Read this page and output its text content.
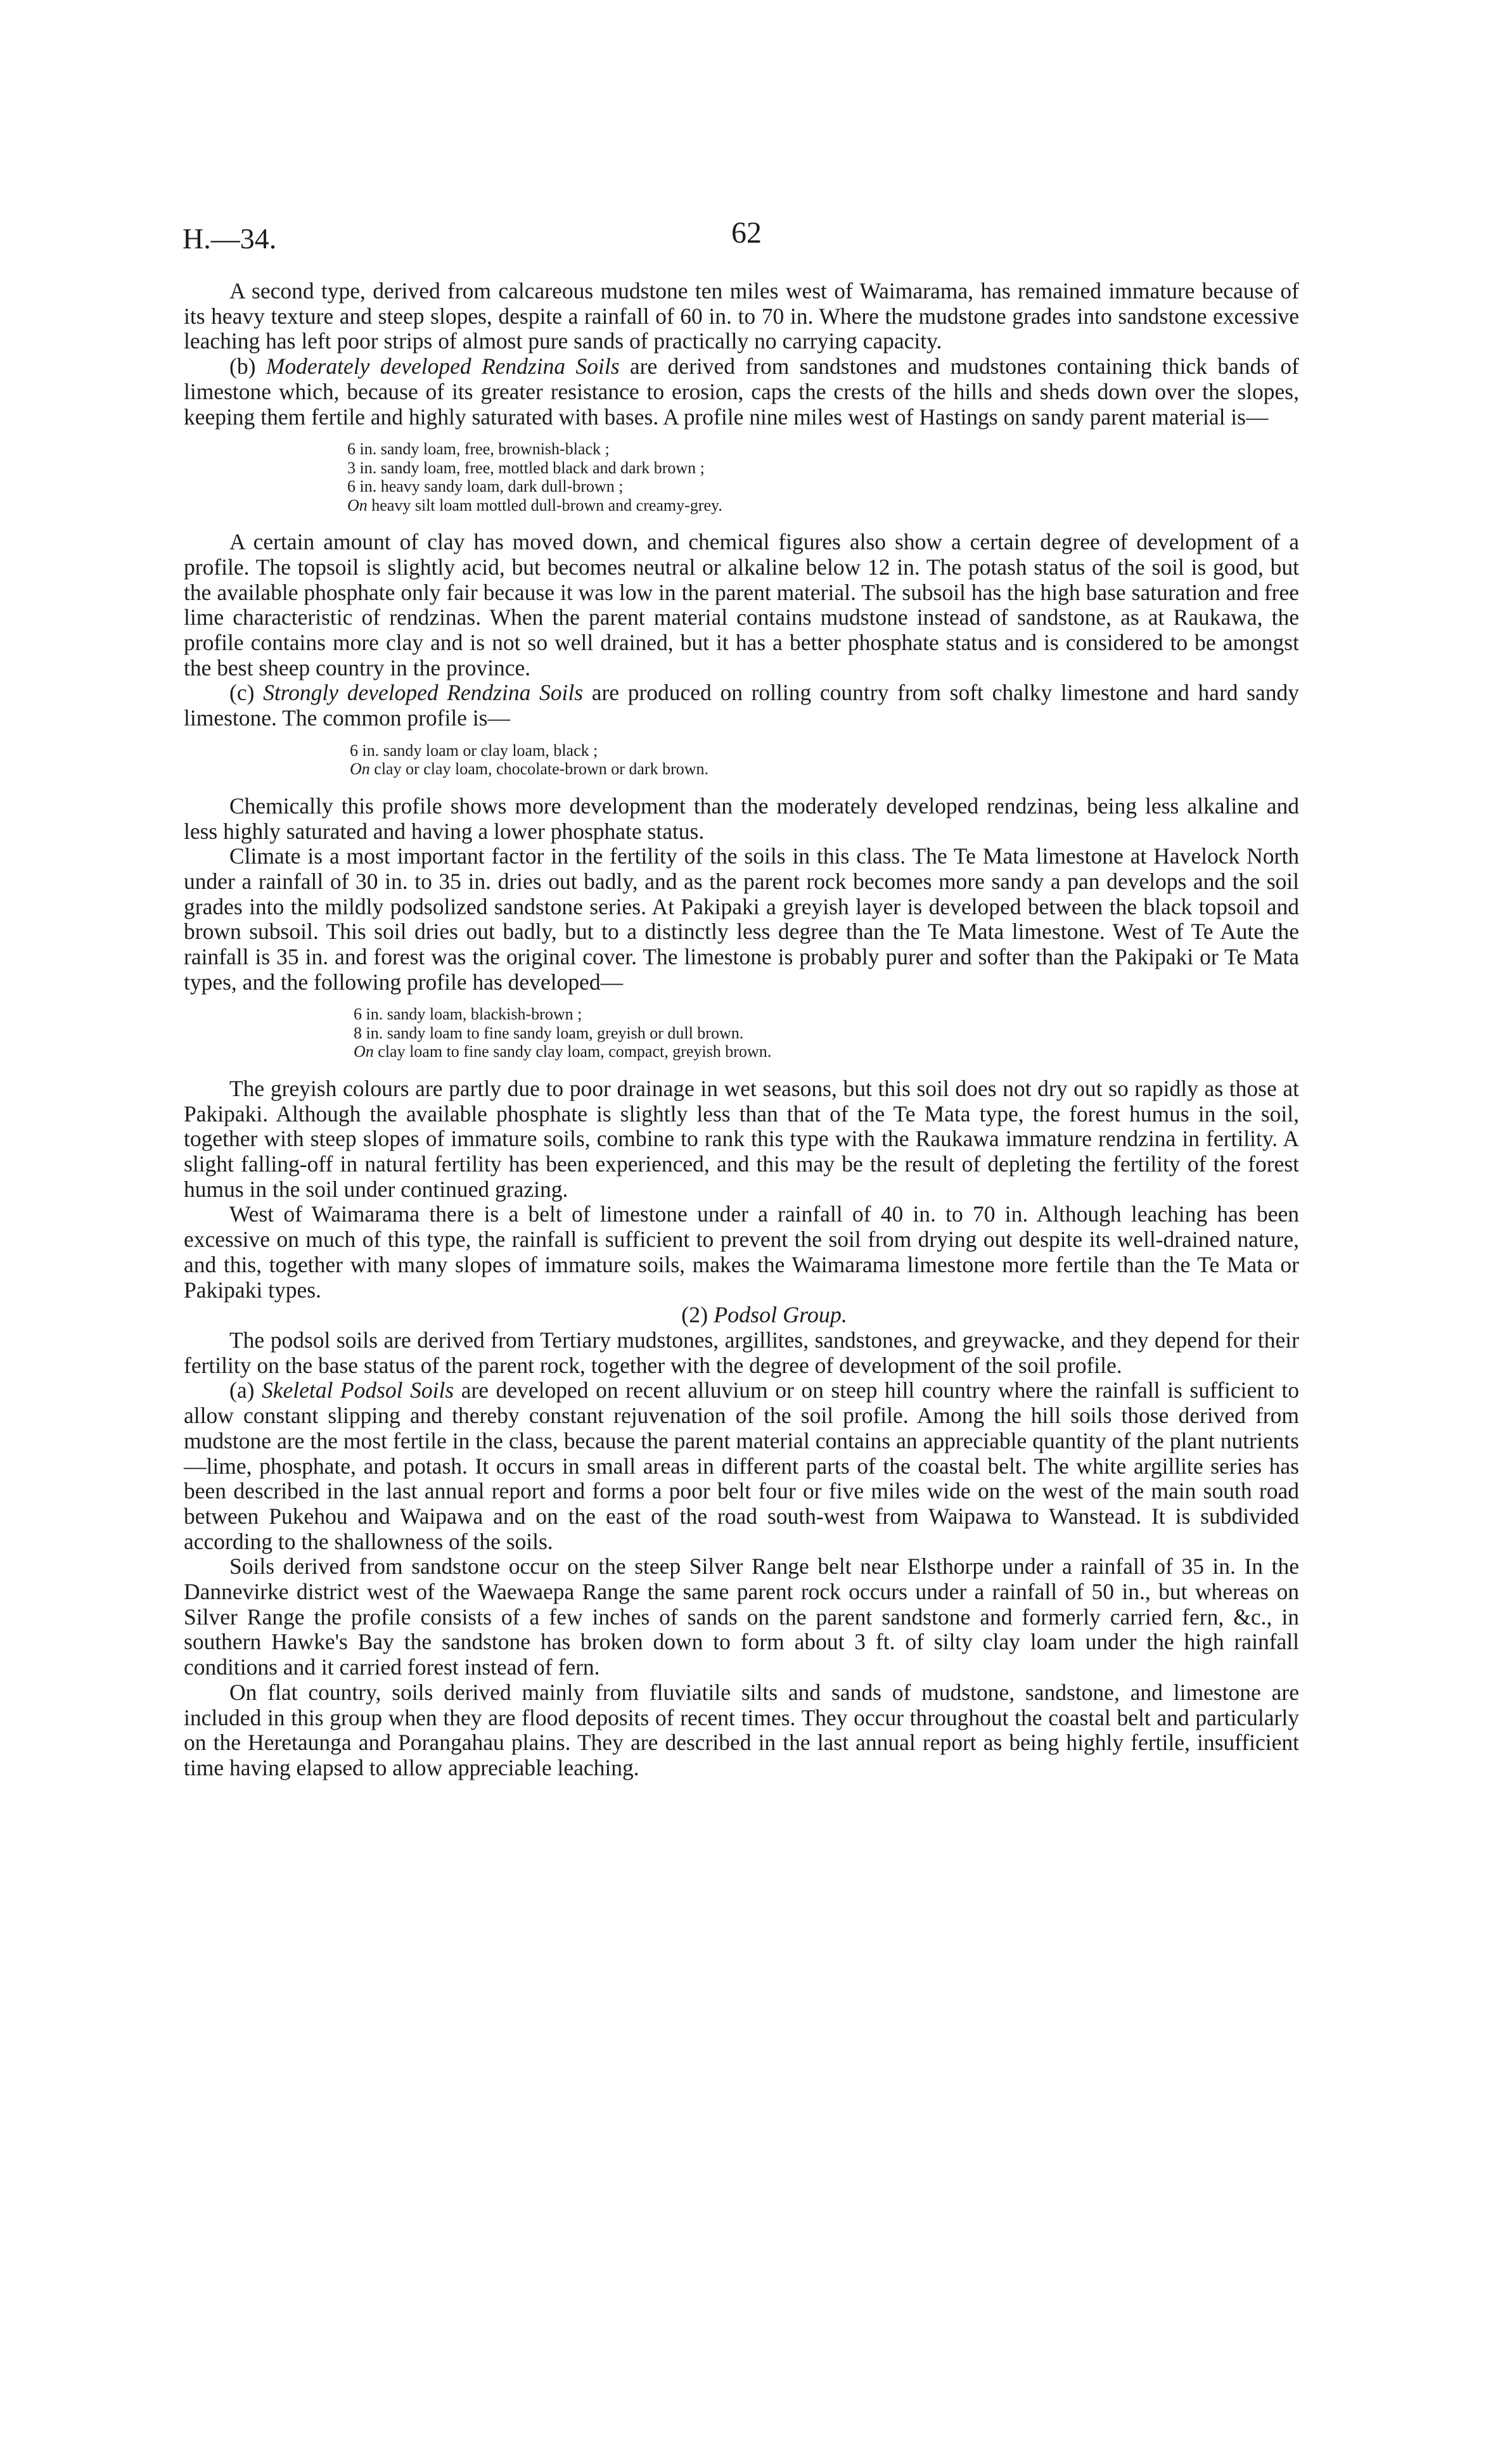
H.—34.	62

A second type, derived from calcareous mudstone ten miles west of Waimarama, has remained immature because of its heavy texture and steep slopes, despite a rainfall of 60 in. to 70 in. Where the mudstone grades into sandstone excessive leaching has left poor strips of almost pure sands of practically no carrying capacity.

(b) Moderately developed Rendzina Soils are derived from sandstones and mudstones containing thick bands of limestone which, because of its greater resistance to erosion, caps the crests of the hills and sheds down over the slopes, keeping them fertile and highly saturated with bases. A profile nine miles west of Hastings on sandy parent material is—

6 in. sandy loam, free, brownish-black ;
3 in. sandy loam, free, mottled black and dark brown ;
6 in. heavy sandy loam, dark dull-brown ;
On heavy silt loam mottled dull-brown and creamy-grey.

A certain amount of clay has moved down, and chemical figures also show a certain degree of development of a profile. The topsoil is slightly acid, but becomes neutral or alkaline below 12 in. The potash status of the soil is good, but the available phosphate only fair because it was low in the parent material. The subsoil has the high base saturation and free lime characteristic of rendzinas. When the parent material contains mudstone instead of sandstone, as at Raukawa, the profile contains more clay and is not so well drained, but it has a better phosphate status and is considered to be amongst the best sheep country in the province.

(c) Strongly developed Rendzina Soils are produced on rolling country from soft chalky limestone and hard sandy limestone. The common profile is—

6 in. sandy loam or clay loam, black ;
On clay or clay loam, chocolate-brown or dark brown.

Chemically this profile shows more development than the moderately developed rendzinas, being less alkaline and less highly saturated and having a lower phosphate status.

Climate is a most important factor in the fertility of the soils in this class. The Te Mata limestone at Havelock North under a rainfall of 30 in. to 35 in. dries out badly, and as the parent rock becomes more sandy a pan develops and the soil grades into the mildly podsolized sandstone series. At Pakipaki a greyish layer is developed between the black topsoil and brown subsoil. This soil dries out badly, but to a distinctly less degree than the Te Mata limestone. West of Te Aute the rainfall is 35 in. and forest was the original cover. The limestone is probably purer and softer than the Pakipaki or Te Mata types, and the following profile has developed—

6 in. sandy loam, blackish-brown ;
8 in. sandy loam to fine sandy loam, greyish or dull brown.
On clay loam to fine sandy clay loam, compact, greyish brown.

The greyish colours are partly due to poor drainage in wet seasons, but this soil does not dry out so rapidly as those at Pakipaki. Although the available phosphate is slightly less than that of the Te Mata type, the forest humus in the soil, together with steep slopes of immature soils, combine to rank this type with the Raukawa immature rendzina in fertility. A slight falling-off in natural fertility has been experienced, and this may be the result of depleting the fertility of the forest humus in the soil under continued grazing.

West of Waimarama there is a belt of limestone under a rainfall of 40 in. to 70 in. Although leaching has been excessive on much of this type, the rainfall is sufficient to prevent the soil from drying out despite its well-drained nature, and this, together with many slopes of immature soils, makes the Waimarama limestone more fertile than the Te Mata or Pakipaki types.

(2) Podsol Group.

The podsol soils are derived from Tertiary mudstones, argillites, sandstones, and greywacke, and they depend for their fertility on the base status of the parent rock, together with the degree of development of the soil profile.

(a) Skeletal Podsol Soils are developed on recent alluvium or on steep hill country where the rainfall is sufficient to allow constant slipping and thereby constant rejuvenation of the soil profile. Among the hill soils those derived from mudstone are the most fertile in the class, because the parent material contains an appreciable quantity of the plant nutrients—lime, phosphate, and potash. It occurs in small areas in different parts of the coastal belt. The white argillite series has been described in the last annual report and forms a poor belt four or five miles wide on the west of the main south road between Pukehou and Waipawa and on the east of the road south-west from Waipawa to Wanstead. It is subdivided according to the shallowness of the soils.

Soils derived from sandstone occur on the steep Silver Range belt near Elsthorpe under a rainfall of 35 in. In the Dannevirke district west of the Waewaepa Range the same parent rock occurs under a rainfall of 50 in., but whereas on Silver Range the profile consists of a few inches of sands on the parent sandstone and formerly carried fern, &c., in southern Hawke's Bay the sandstone has broken down to form about 3 ft. of silty clay loam under the high rainfall conditions and it carried forest instead of fern.

On flat country, soils derived mainly from fluviatile silts and sands of mudstone, sandstone, and limestone are included in this group when they are flood deposits of recent times. They occur throughout the coastal belt and particularly on the Heretaunga and Porangahau plains. They are described in the last annual report as being highly fertile, insufficient time having elapsed to allow appreciable leaching.
